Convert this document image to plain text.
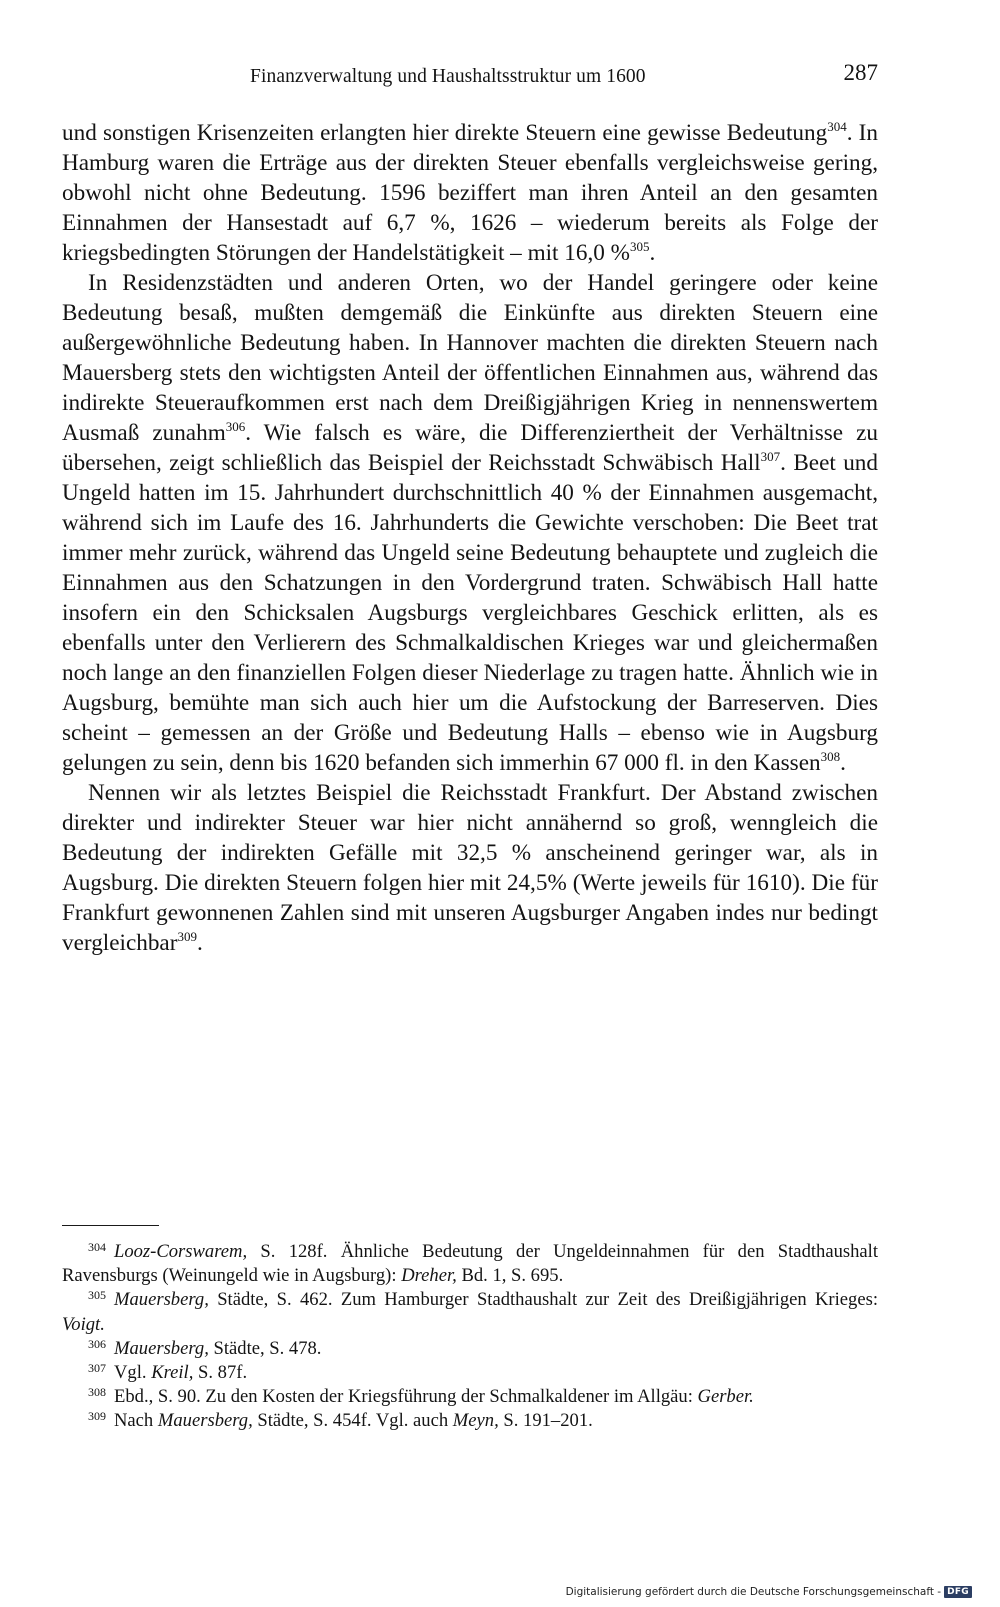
Finanzverwaltung und Haushaltsstruktur um 1600	287

und sonstigen Krisenzeiten erlangten hier direkte Steuern eine gewisse Bedeutung$^{304}$. In Hamburg waren die Erträge aus der direkten Steuer ebenfalls vergleichsweise gering, obwohl nicht ohne Bedeutung. 1596 beziffert man ihren Anteil an den gesamten Einnahmen der Hansestadt auf 6,7 %, 1626 – wiederum bereits als Folge der kriegsbedingten Störungen der Handelstätigkeit – mit 16,0 %$^{305}$.

In Residenzstädten und anderen Orten, wo der Handel geringere oder keine Bedeutung besaß, mußten demgemäß die Einkünfte aus direkten Steuern eine außergewöhnliche Bedeutung haben. In Hannover machten die direkten Steuern nach Mauersberg stets den wichtigsten Anteil der öffentlichen Einnahmen aus, während das indirekte Steueraufkommen erst nach dem Dreißigjährigen Krieg in nennenswertem Ausmaß zunahm$^{306}$. Wie falsch es wäre, die Differenziertheit der Verhältnisse zu übersehen, zeigt schließlich das Beispiel der Reichsstadt Schwäbisch Hall$^{307}$. Beet und Ungeld hatten im 15. Jahrhundert durchschnittlich 40 % der Einnahmen ausgemacht, während sich im Laufe des 16. Jahrhunderts die Gewichte verschoben: Die Beet trat immer mehr zurück, während das Ungeld seine Bedeutung behauptete und zugleich die Einnahmen aus den Schatzungen in den Vordergrund traten. Schwäbisch Hall hatte insofern ein den Schicksalen Augsburgs vergleichbares Geschick erlitten, als es ebenfalls unter den Verlierern des Schmalkaldischen Krieges war und gleichermaßen noch lange an den finanziellen Folgen dieser Niederlage zu tragen hatte. Ähnlich wie in Augsburg, bemühte man sich auch hier um die Aufstockung der Barreserven. Dies scheint – gemessen an der Größe und Bedeutung Halls – ebenso wie in Augsburg gelungen zu sein, denn bis 1620 befanden sich immerhin 67 000 fl. in den Kassen$^{308}$.

Nennen wir als letztes Beispiel die Reichsstadt Frankfurt. Der Abstand zwischen direkter und indirekter Steuer war hier nicht annähernd so groß, wenngleich die Bedeutung der indirekten Gefälle mit 32,5 % anscheinend geringer war, als in Augsburg. Die direkten Steuern folgen hier mit 24,5% (Werte jeweils für 1610). Die für Frankfurt gewonnenen Zahlen sind mit unseren Augsburger Angaben indes nur bedingt vergleichbar$^{309}$.

304 Looz-Corswarem, S. 128f. Ähnliche Bedeutung der Ungeldeinnahmen für den Stadthaushalt Ravensburgs (Weinungeld wie in Augsburg): Dreher, Bd. 1, S. 695.

305 Mauersberg, Städte, S. 462. Zum Hamburger Stadthaushalt zur Zeit des Dreißigjährigen Krieges: Voigt.

306 Mauersberg, Städte, S. 478.

307 Vgl. Kreil, S. 87f.

308 Ebd., S. 90. Zu den Kosten der Kriegsführung der Schmalkaldener im Allgäu: Gerber.

309 Nach Mauersberg, Städte, S. 454f. Vgl. auch Meyn, S. 191–201.

Digitalisierung gefördert durch die Deutsche Forschungsgemeinschaft - DFG
